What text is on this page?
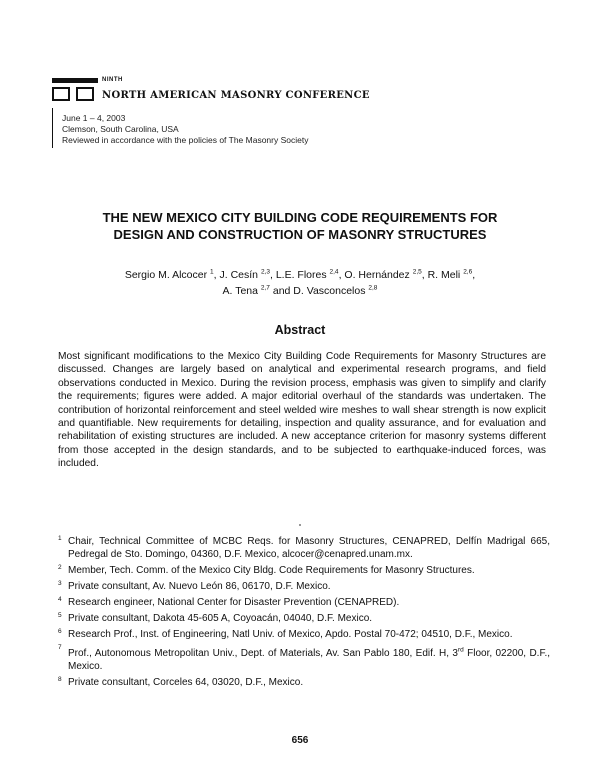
NINTH
NORTH AMERICAN MASONRY CONFERENCE
June 1 – 4, 2003
Clemson, South Carolina, USA
Reviewed in accordance with the policies of The Masonry Society
THE NEW MEXICO CITY BUILDING CODE REQUIREMENTS FOR
DESIGN AND CONSTRUCTION OF MASONRY STRUCTURES
Sergio M. Alcocer $^1$, J. Cesín $^{2,3}$, L.E. Flores $^{2,4}$, O. Hernández $^{2,5}$, R. Meli $^{2,6}$,
A. Tena $^{2,7}$ and D. Vasconcelos $^{2,8}$
Abstract
Most significant modifications to the Mexico City Building Code Requirements for Masonry Structures are discussed. Changes are largely based on analytical and experimental research programs, and field observations conducted in Mexico. During the revision process, emphasis was given to simplify and clarify the requirements; figures were added. A major editorial overhaul of the standards was undertaken. The contribution of horizontal reinforcement and steel welded wire meshes to wall shear strength is now explicit and quantifiable. New requirements for detailing, inspection and quality assurance, and for evaluation and rehabilitation of existing structures are included. A new acceptance criterion for masonry systems different from those accepted in the design standards, and to be subjected to earthquake-induced forces, was included.
1 Chair, Technical Committee of MCBC Reqs. for Masonry Structures, CENAPRED, Delfín Madrigal 665, Pedregal de Sto. Domingo, 04360, D.F. Mexico, alcocer@cenapred.unam.mx.
2 Member, Tech. Comm. of the Mexico City Bldg. Code Requirements for Masonry Structures.
3 Private consultant, Av. Nuevo León 86, 06170, D.F. Mexico.
4 Research engineer, National Center for Disaster Prevention (CENAPRED).
5 Private consultant, Dakota 45-605 A, Coyoacán, 04040, D.F. Mexico.
6 Research Prof., Inst. of Engineering, Natl Univ. of Mexico, Apdo. Postal 70-472; 04510, D.F., Mexico.
7
Prof., Autonomous Metropolitan Univ., Dept. of Materials, Av. San Pablo 180, Edif. H, 3rd Floor, 02200, D.F., Mexico.
8 Private consultant, Corceles 64, 03020, D.F., Mexico.
656
